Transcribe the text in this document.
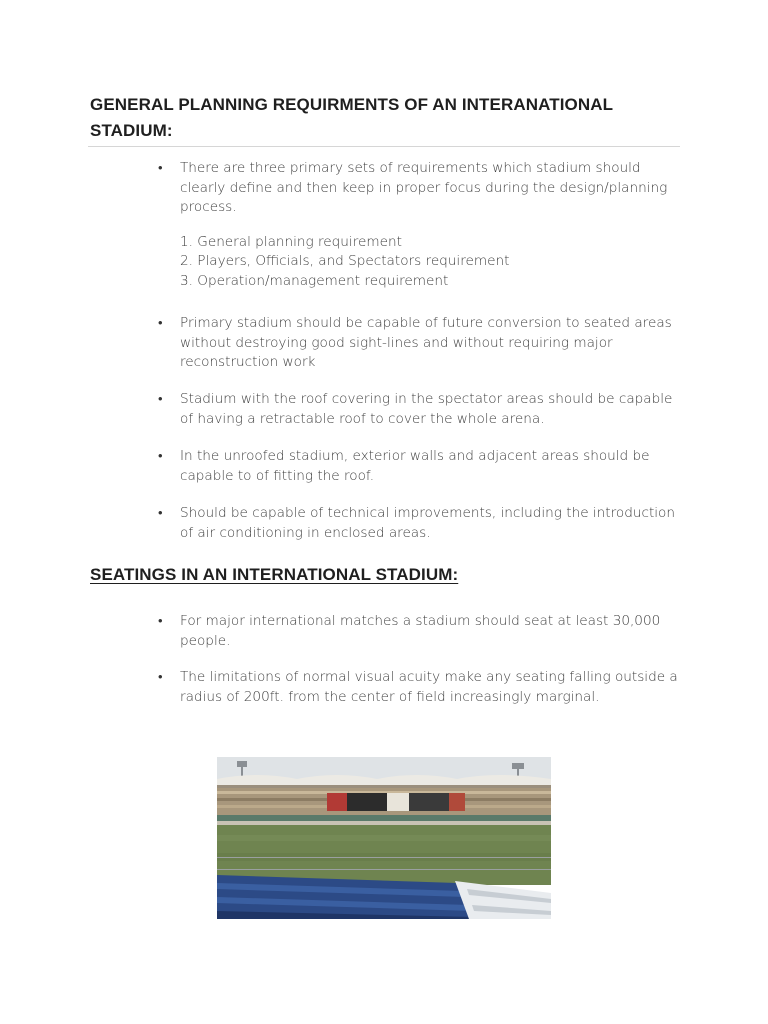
GENERAL PLANNING REQUIRMENTS OF AN INTERANATIONAL STADIUM:
• There are three primary sets of requirements which stadium should clearly define and then keep in proper focus during the design/planning process.
1. General planning requirement
2. Players, Officials, and Spectators requirement
3. Operation/management requirement
• Primary stadium should be capable of future conversion to seated areas without destroying good sight-lines and without requiring major reconstruction work
• Stadium with the roof covering in the spectator areas should be capable of having a retractable roof to cover the whole arena.
• In the unroofed stadium, exterior walls and adjacent areas should be capable to of fitting the roof.
• Should be capable of technical improvements, including the introduction of air conditioning in enclosed areas.
SEATINGS IN AN INTERNATIONAL STADIUM:
• For major international matches a stadium should seat at least 30,000 people.
• The limitations of normal visual acuity make any seating falling outside a radius of 200ft. from the center of field increasingly marginal.
